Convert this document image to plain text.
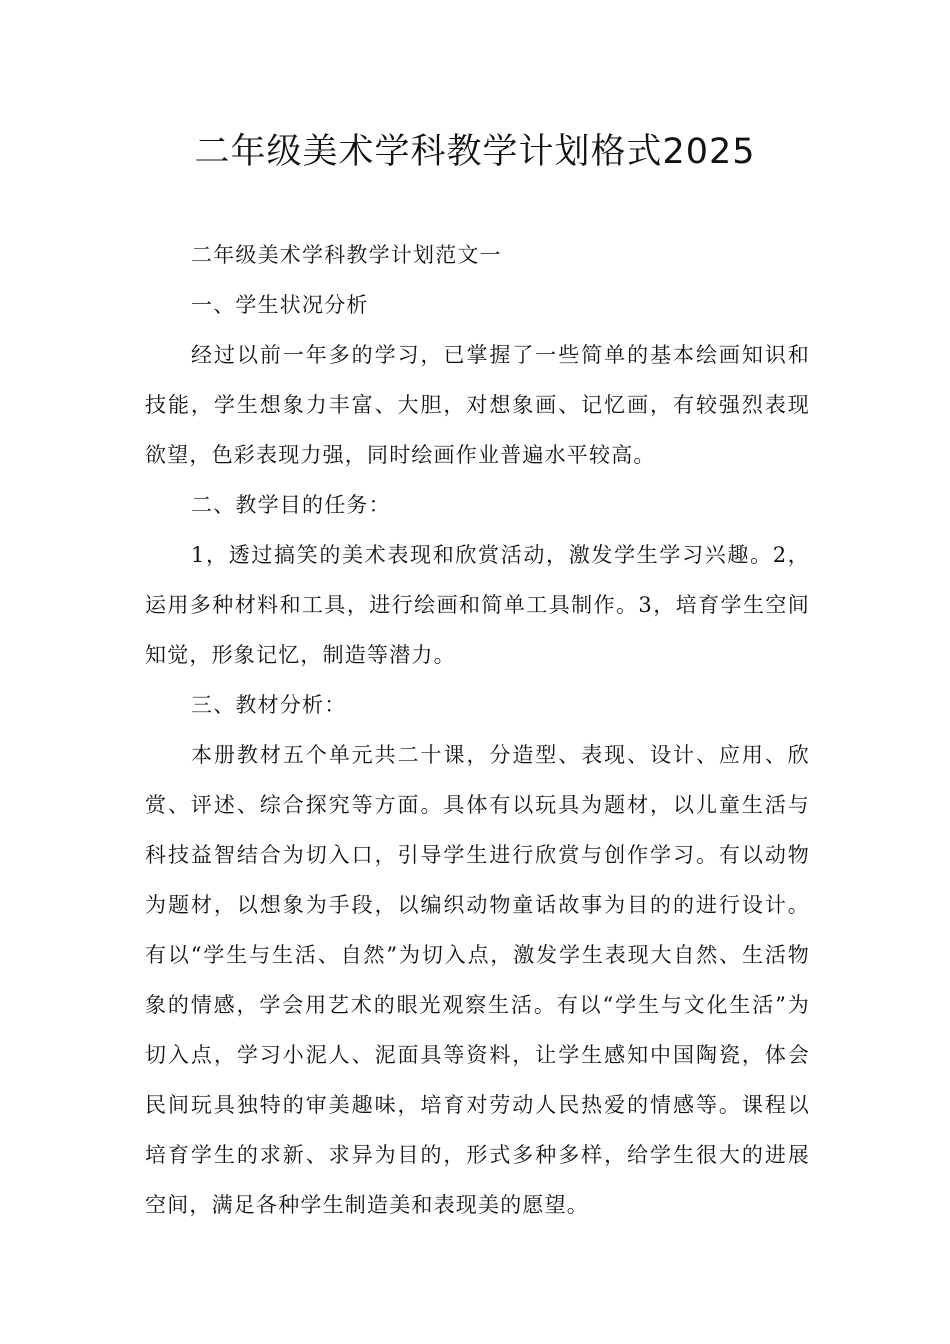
二年级美术学科教学计划格式2025

二年级美术学科教学计划范文一

一、学生状况分析

经过以前一年多的学习，已掌握了一些简单的基本绘画知识和技能，学生想象力丰富、大胆，对想象画、记忆画，有较强烈表现欲望，色彩表现力强，同时绘画作业普遍水平较高。

二、教学目的任务：

1，透过搞笑的美术表现和欣赏活动，激发学生学习兴趣。2，运用多种材料和工具，进行绘画和简单工具制作。3，培育学生空间知觉，形象记忆，制造等潜力。

三、教材分析：

本册教材五个单元共二十课，分造型、表现、设计、应用、欣赏、评述、综合探究等方面。具体有以玩具为题材，以儿童生活与科技益智结合为切入口，引导学生进行欣赏与创作学习。有以动物为题材，以想象为手段，以编织动物童话故事为目的的进行设计。有以“学生与生活、自然”为切入点，激发学生表现大自然、生活物象的情感，学会用艺术的眼光观察生活。有以“学生与文化生活”为切入点，学习小泥人、泥面具等资料，让学生感知中国陶瓷，体会民间玩具独特的审美趣味，培育对劳动人民热爱的情感等。课程以培育学生的求新、求异为目的，形式多种多样，给学生很大的进展空间，满足各种学生制造美和表现美的愿望。
